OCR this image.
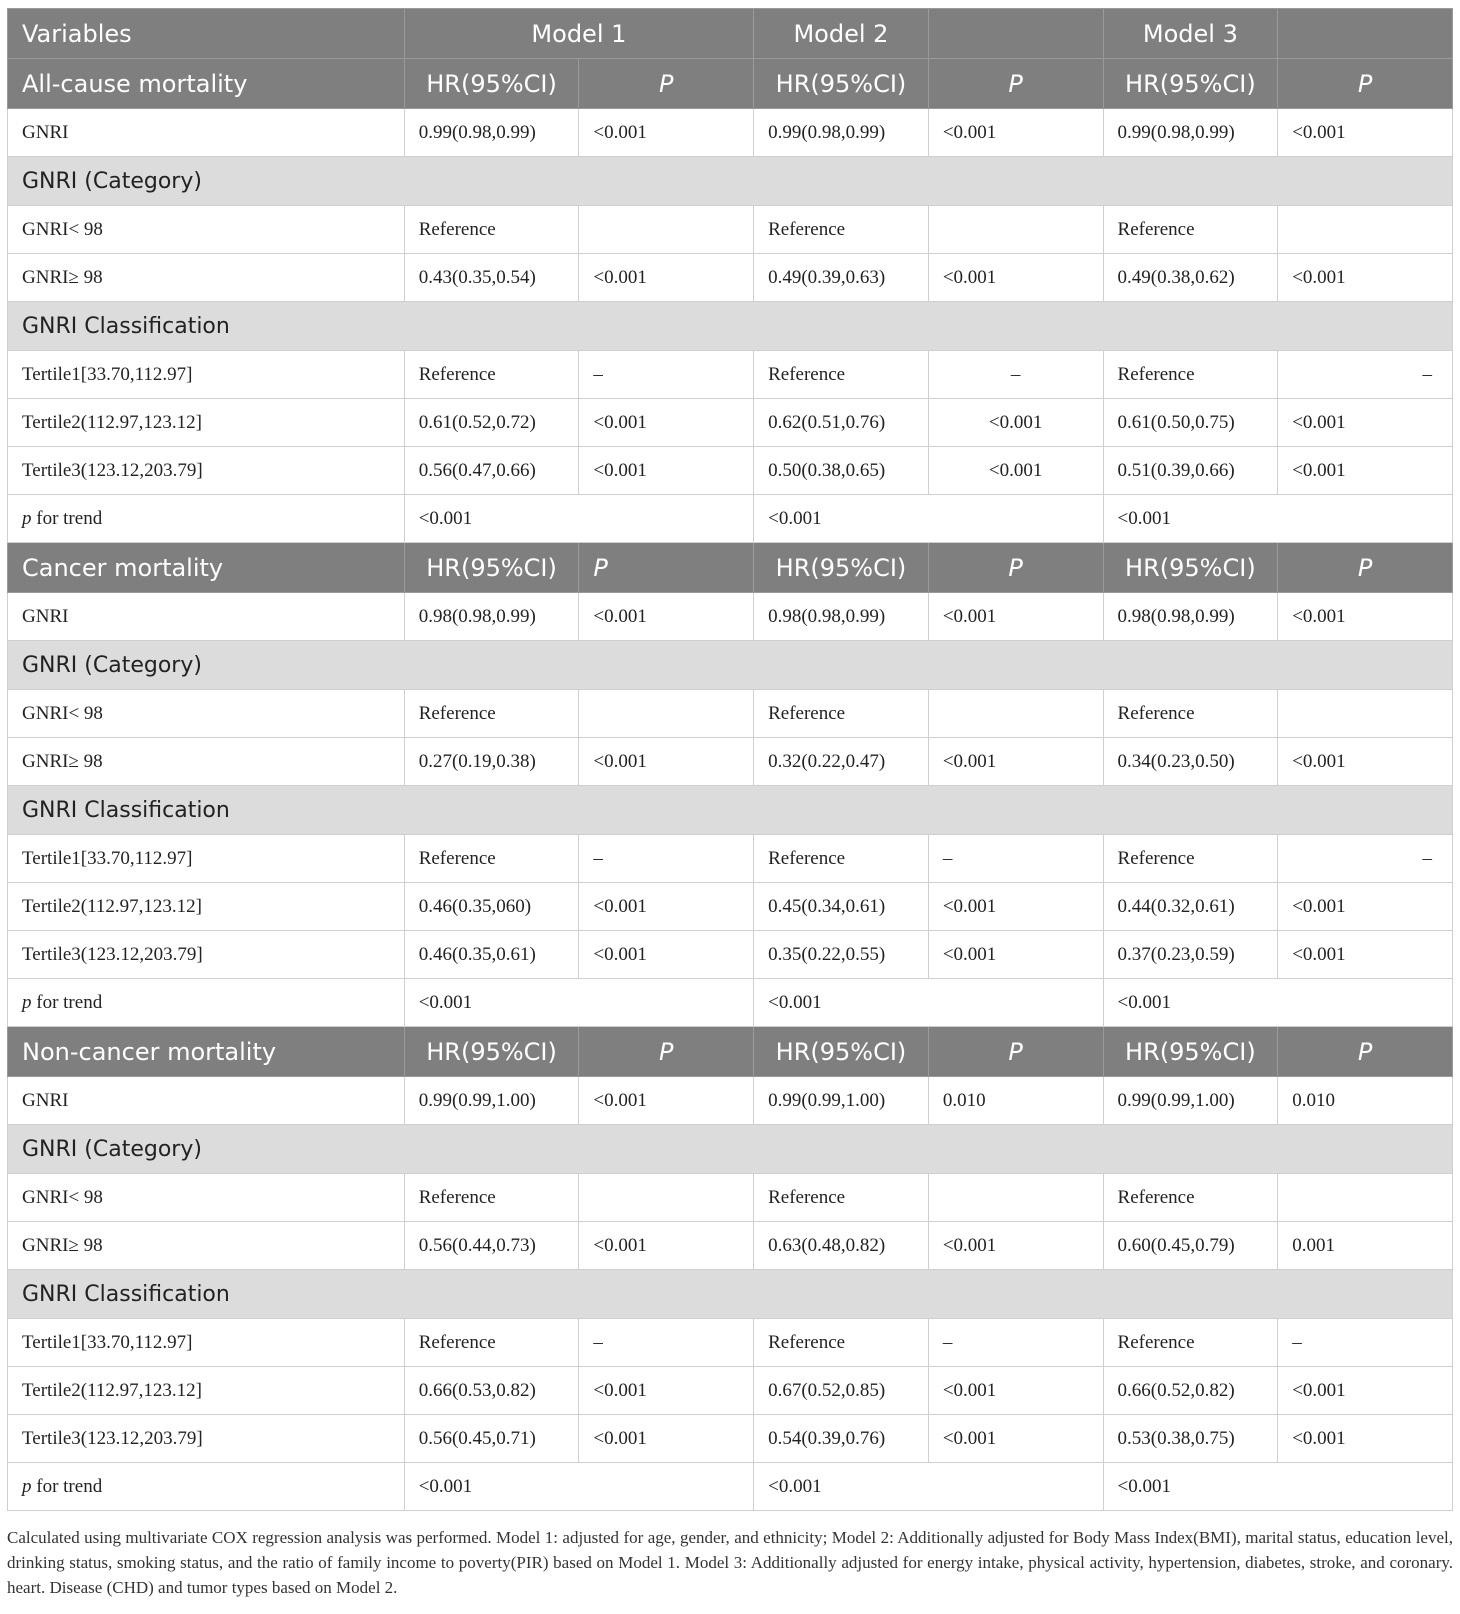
Variables	Model 1		Model 2		Model 3	
All-cause mortality	HR(95%CI)	P	HR(95%CI)	P	HR(95%CI)	P
GNRI	0.99(0.98,0.99)	<0.001	0.99(0.98,0.99)	<0.001	0.99(0.98,0.99)	<0.001
GNRI (Category)						
GNRI< 98	Reference		Reference		Reference	
GNRI≥ 98	0.43(0.35,0.54)	<0.001	0.49(0.39,0.63)	<0.001	0.49(0.38,0.62)	<0.001
GNRI Classification						
Tertile1[33.70,112.97]	Reference	–	Reference	–	Reference	–
Tertile2(112.97,123.12]	0.61(0.52,0.72)	<0.001	0.62(0.51,0.76)	<0.001	0.61(0.50,0.75)	<0.001
Tertile3(123.12,203.79]	0.56(0.47,0.66)	<0.001	0.50(0.38,0.65)	<0.001	0.51(0.39,0.66)	<0.001
p for trend	<0.001		<0.001		<0.001	
Cancer mortality	HR(95%CI)	P	HR(95%CI)	P	HR(95%CI)	P
GNRI	0.98(0.98,0.99)	<0.001	0.98(0.98,0.99)	<0.001	0.98(0.98,0.99)	<0.001
GNRI (Category)						
GNRI< 98	Reference		Reference		Reference	
GNRI≥ 98	0.27(0.19,0.38)	<0.001	0.32(0.22,0.47)	<0.001	0.34(0.23,0.50)	<0.001
GNRI Classification						
Tertile1[33.70,112.97]	Reference	–	Reference	–	Reference	–
Tertile2(112.97,123.12]	0.46(0.35,060)	<0.001	0.45(0.34,0.61)	<0.001	0.44(0.32,0.61)	<0.001
Tertile3(123.12,203.79]	0.46(0.35,0.61)	<0.001	0.35(0.22,0.55)	<0.001	0.37(0.23,0.59)	<0.001
p for trend	<0.001		<0.001		<0.001	
Non-cancer mortality	HR(95%CI)	P	HR(95%CI)	P	HR(95%CI)	P
GNRI	0.99(0.99,1.00)	<0.001	0.99(0.99,1.00)	0.010	0.99(0.99,1.00)	0.010
GNRI (Category)						
GNRI< 98	Reference		Reference		Reference	
GNRI≥ 98	0.56(0.44,0.73)	<0.001	0.63(0.48,0.82)	<0.001	0.60(0.45,0.79)	0.001
GNRI Classification						
Tertile1[33.70,112.97]	Reference	–	Reference	–	Reference	–
Tertile2(112.97,123.12]	0.66(0.53,0.82)	<0.001	0.67(0.52,0.85)	<0.001	0.66(0.52,0.82)	<0.001
Tertile3(123.12,203.79]	0.56(0.45,0.71)	<0.001	0.54(0.39,0.76)	<0.001	0.53(0.38,0.75)	<0.001
p for trend	<0.001		<0.001		<0.001	
Calculated using multivariate COX regression analysis was performed. Model 1: adjusted for age, gender, and ethnicity; Model 2: Additionally adjusted for Body Mass Index(BMI), marital status, education level, drinking status, smoking status, and the ratio of family income to poverty(PIR) based on Model 1. Model 3: Additionally adjusted for energy intake, physical activity, hypertension, diabetes, stroke, and coronary. heart. Disease (CHD) and tumor types based on Model 2.
